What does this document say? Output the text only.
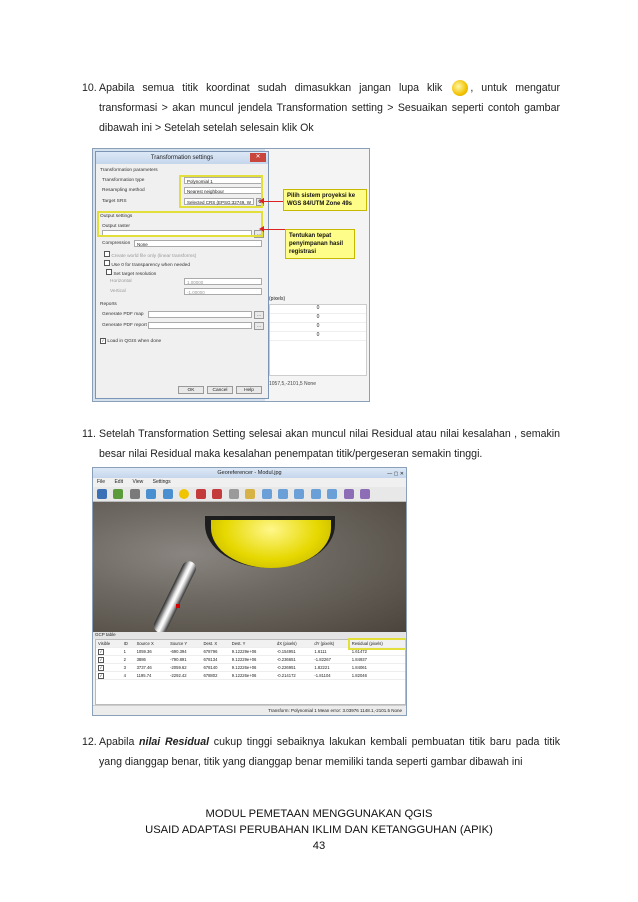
10. Apabila semua titik koordinat sudah dimasukkan jangan lupa klik	, untuk mengatur transformasi > akan muncul jendela Transformation setting > Sesuaikan seperti contoh gambar dibawah ini > Setelah setelah selesain klik Ok
(pixels)
0
0
0
0
1057,5,-2101,5 None
Transformation settings	✕
Transformation parameters
Transformation type	Polynomial 1
Resampling method	Nearest neighbour
Target SRS	Selected CRS (EPSG:32749, W	⚙
Output settings
Output raster
...
Compression	None
Create world file only (linear transforms)
Use 0 for transparency when needed
Set target resolution
Horizontal	1,00000
Vertical	-1,00000
Reports
Generate PDF map	...
Generate PDF report	...
✓ Load in QGIS when done
OK	Cancel	Help
Pilih sistem proyeksi ke WGS 84/UTM Zone 49s
Tentukan tepat penyimpanan hasil registrasi
11. Setelah Transformation Setting selesai akan muncul nilai Residual atau nilai kesalahan , semakin besar nilai Residual maka kesalahan penempatan titik/pergeseran semakin tinggi.
Georeferencer - Modul.jpg	— ▢ ✕
File Edit View Settings

GCP table
Visible	ID	Source X	Source Y	Dest. X	Dest. Y	dX (pixels)	dY (pixels)	Residual (pixels)
✓	1	1059.36	-690.394	678796	9.12229e+06	-0.154951	1.6111	1.61472
✓	2	3886	-790.891	678134	9.12229e+06	-0.236651	-1.82267	1.84937
✓	3	3737.46	-2059.62	678140	9.12226e+06	-0.226951	1.82221	1.84061
✓	4	1195.74	-2292.42	678802	9.12226e+06	-0.214172	-1.81104	1.82046
Transform: Polynomial 1 Mean error: 3.03976 1148.1,-2101.5 None
12. Apabila nilai Residual cukup tinggi sebaiknya lakukan kembali pembuatan titik baru pada titik yang dianggap benar, titik yang dianggap benar memiliki tanda seperti gambar dibawah ini
MODUL PEMETAAN MENGGUNAKAN QGIS
USAID ADAPTASI PERUBAHAN IKLIM DAN KETANGGUHAN (APIK)
43
